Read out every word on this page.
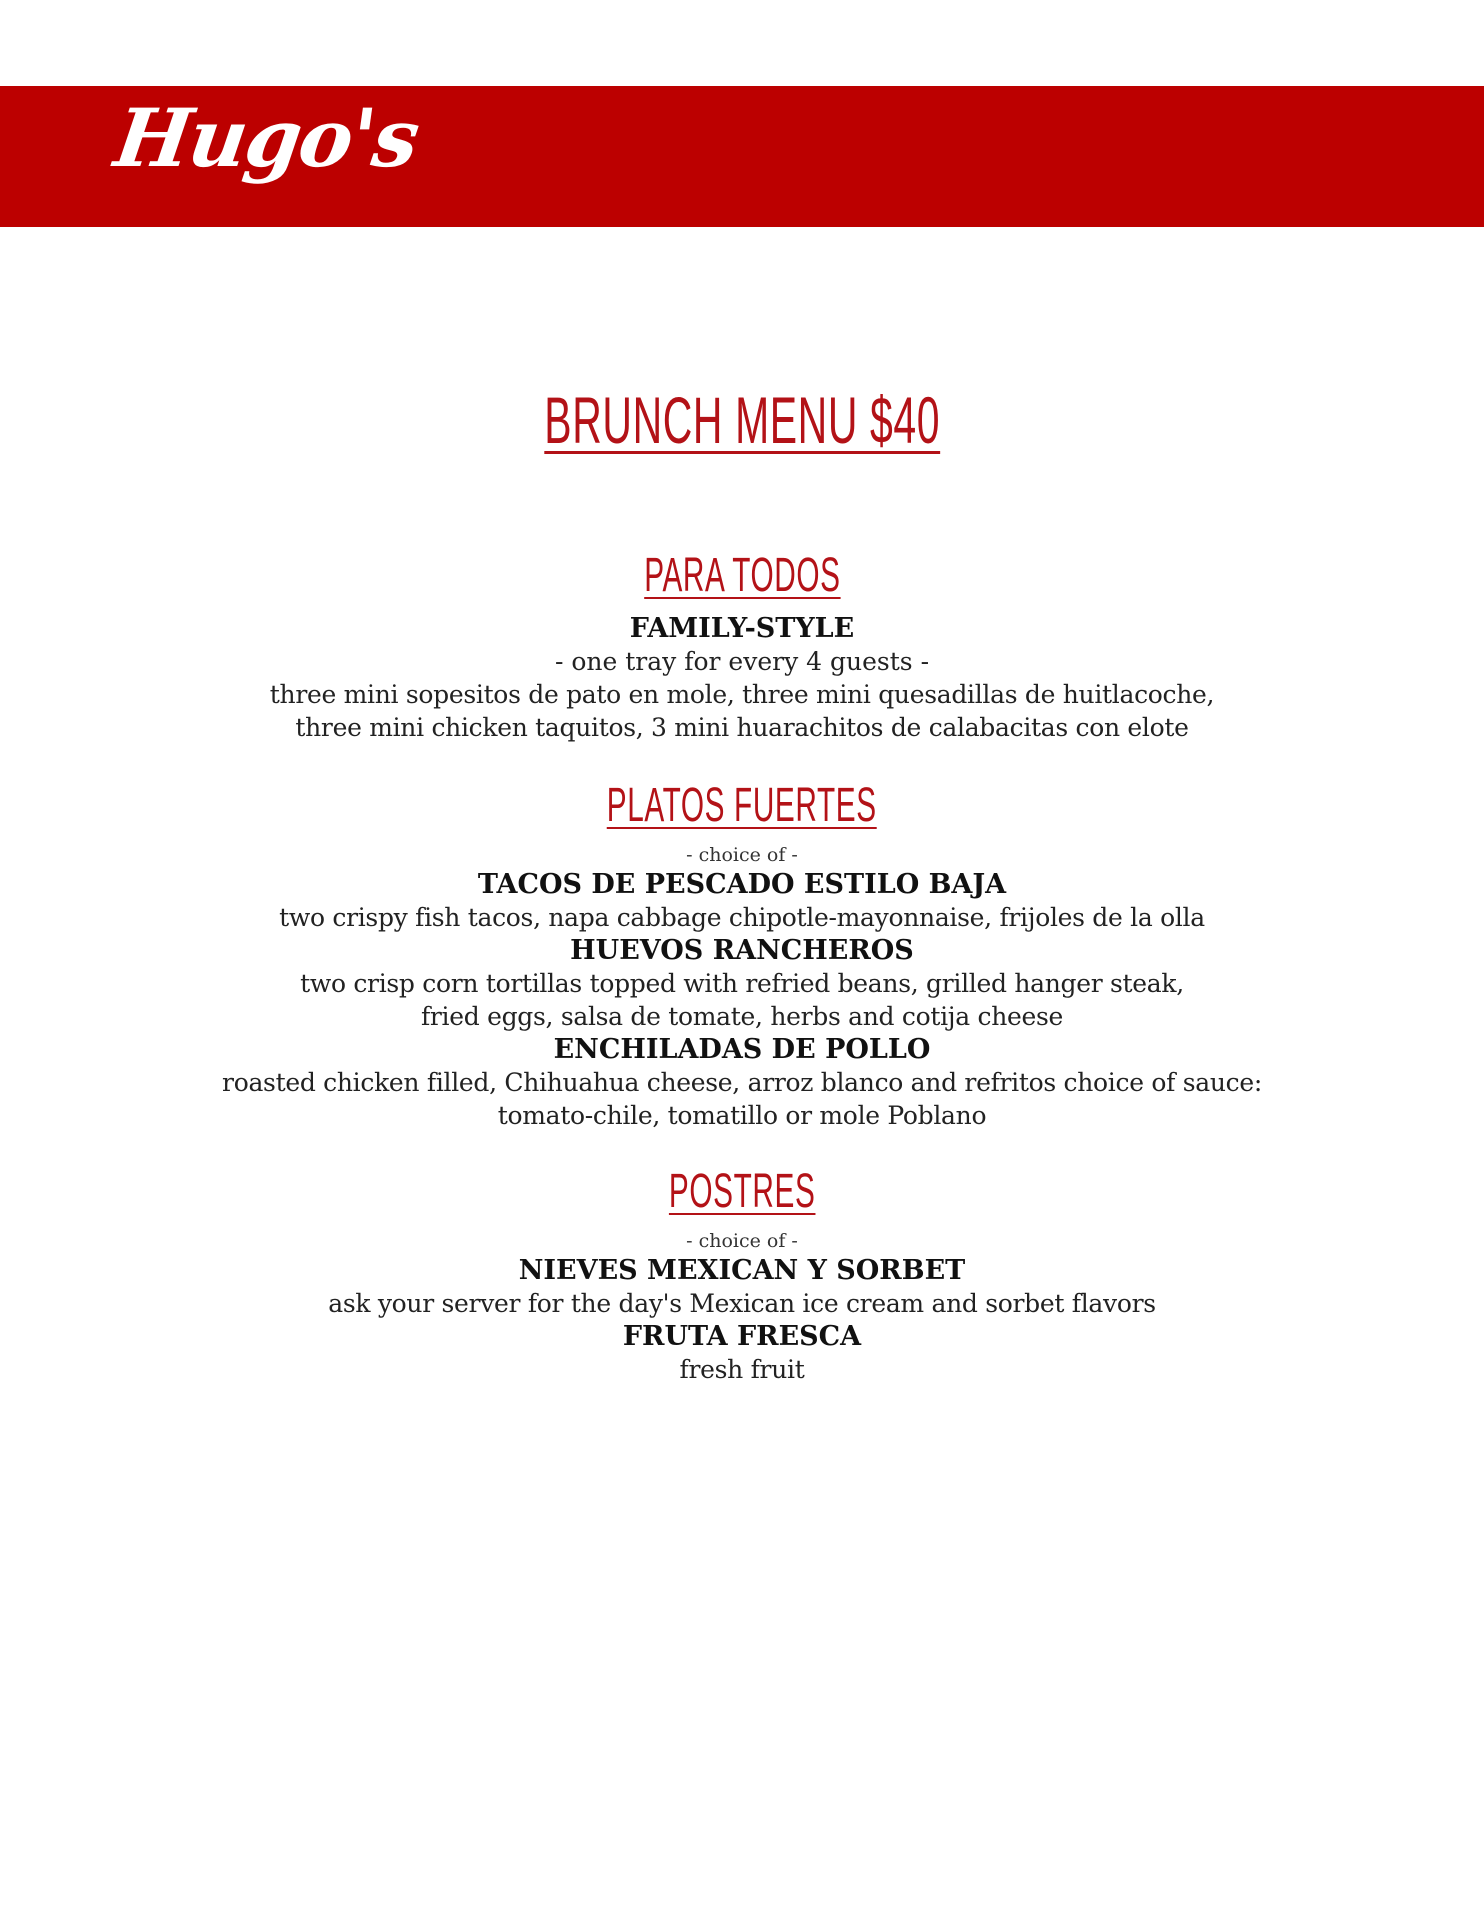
Hugo's
BRUNCH MENU $40
PARA TODOS
FAMILY-STYLE
- one tray for every 4 guests -
three mini sopesitos de pato en mole, three mini quesadillas de huitlacoche,
three mini chicken taquitos, 3 mini huarachitos de calabacitas con elote
PLATOS FUERTES
- choice of -
TACOS DE PESCADO ESTILO BAJA
two crispy fish tacos, napa cabbage chipotle-mayonnaise, frijoles de la olla
HUEVOS RANCHEROS
two crisp corn tortillas topped with refried beans, grilled hanger steak,
fried eggs, salsa de tomate, herbs and cotija cheese
ENCHILADAS DE POLLO
roasted chicken filled, Chihuahua cheese, arroz blanco and refritos choice of sauce:
tomato-chile, tomatillo or mole Poblano
POSTRES
- choice of -
NIEVES MEXICAN Y SORBET
ask your server for the day's Mexican ice cream and sorbet flavors
FRUTA FRESCA
fresh fruit
